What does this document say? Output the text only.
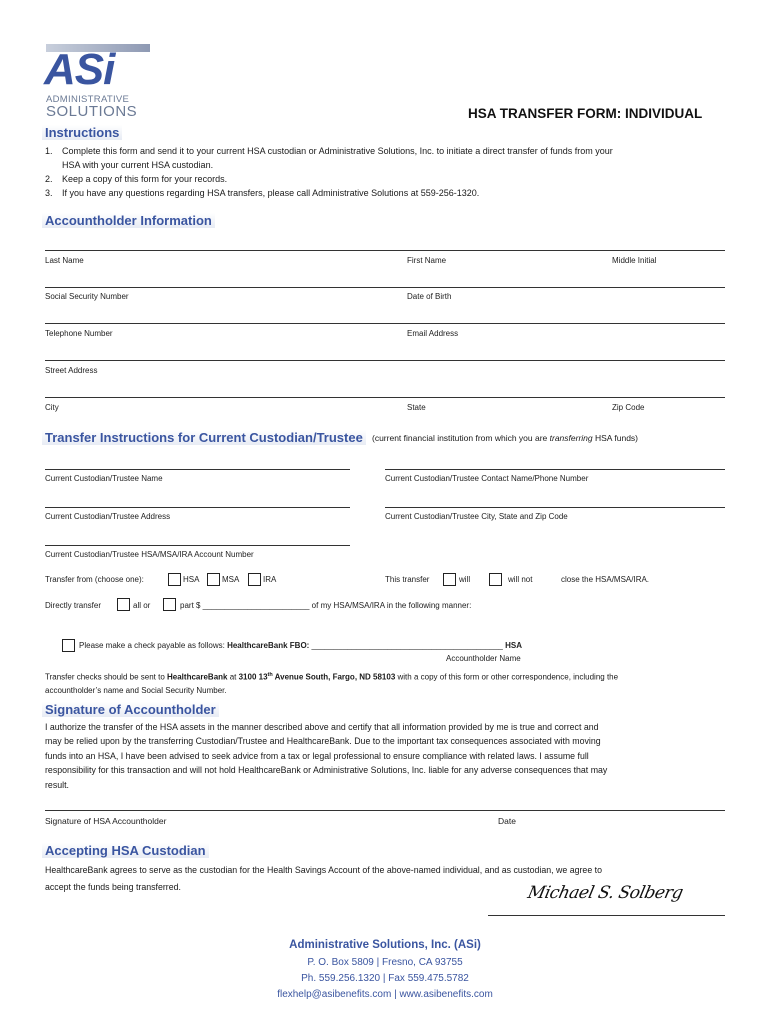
ASi
ADMINISTRATIVE
SOLUTIONS	HSA TRANSFER FORM: INDIVIDUAL
Instructions
1. Complete this form and send it to your current HSA custodian or Administrative Solutions, Inc. to initiate a direct transfer of funds from your
HSA with your current HSA custodian.
2. Keep a copy of this form for your records.
3. If you have any questions regarding HSA transfers, please call Administrative Solutions at 559-256-1320.
Accountholder Information
Last Name	First Name	Middle Initial
Social Security Number	Date of Birth
Telephone Number	Email Address
Street Address
City	State	Zip Code
Transfer Instructions for Current Custodian/Trustee	(current financial institution from which you are transferring HSA funds)
Current Custodian/Trustee Name	Current Custodian/Trustee Contact Name/Phone Number
Current Custodian/Trustee Address	Current Custodian/Trustee City, State and Zip Code
Current Custodian/Trustee HSA/MSA/IRA Account Number
Transfer from (choose one):	HSA	MSA	IRA	This transfer	will	will not	close the HSA/MSA/IRA.
Directly transfer	all or	part $ ________________________ of my HSA/MSA/IRA in the following manner:
Please make a check payable as follows: HealthcareBank FBO: ___________________________________________ HSA
Accountholder Name
Transfer checks should be sent to HealthcareBank at 3100 13th Avenue South, Fargo, ND 58103 with a copy of this form or other correspondence, including the
accountholder’s name and Social Security Number.
Signature of Accountholder
I authorize the transfer of the HSA assets in the manner described above and certify that all information provided by me is true and correct and
may be relied upon by the transferring Custodian/Trustee and HealthcareBank. Due to the important tax consequences associated with moving
funds into an HSA, I have been advised to seek advice from a tax or legal professional to ensure compliance with related laws. I assume full
responsibility for this transaction and will not hold HealthcareBank or Administrative Solutions, Inc. liable for any adverse consequences that may
result.
Signature of HSA Accountholder	Date
Accepting HSA Custodian
HealthcareBank agrees to serve as the custodian for the Health Savings Account of the above-named individual, and as custodian, we agree to
accept the funds being transferred.	Michael S. Solberg
Administrative Solutions, Inc. (ASi)
P. O. Box 5809 | Fresno, CA 93755
Ph. 559.256.1320 | Fax 559.475.5782
flexhelp@asibenefits.com | www.asibenefits.com
